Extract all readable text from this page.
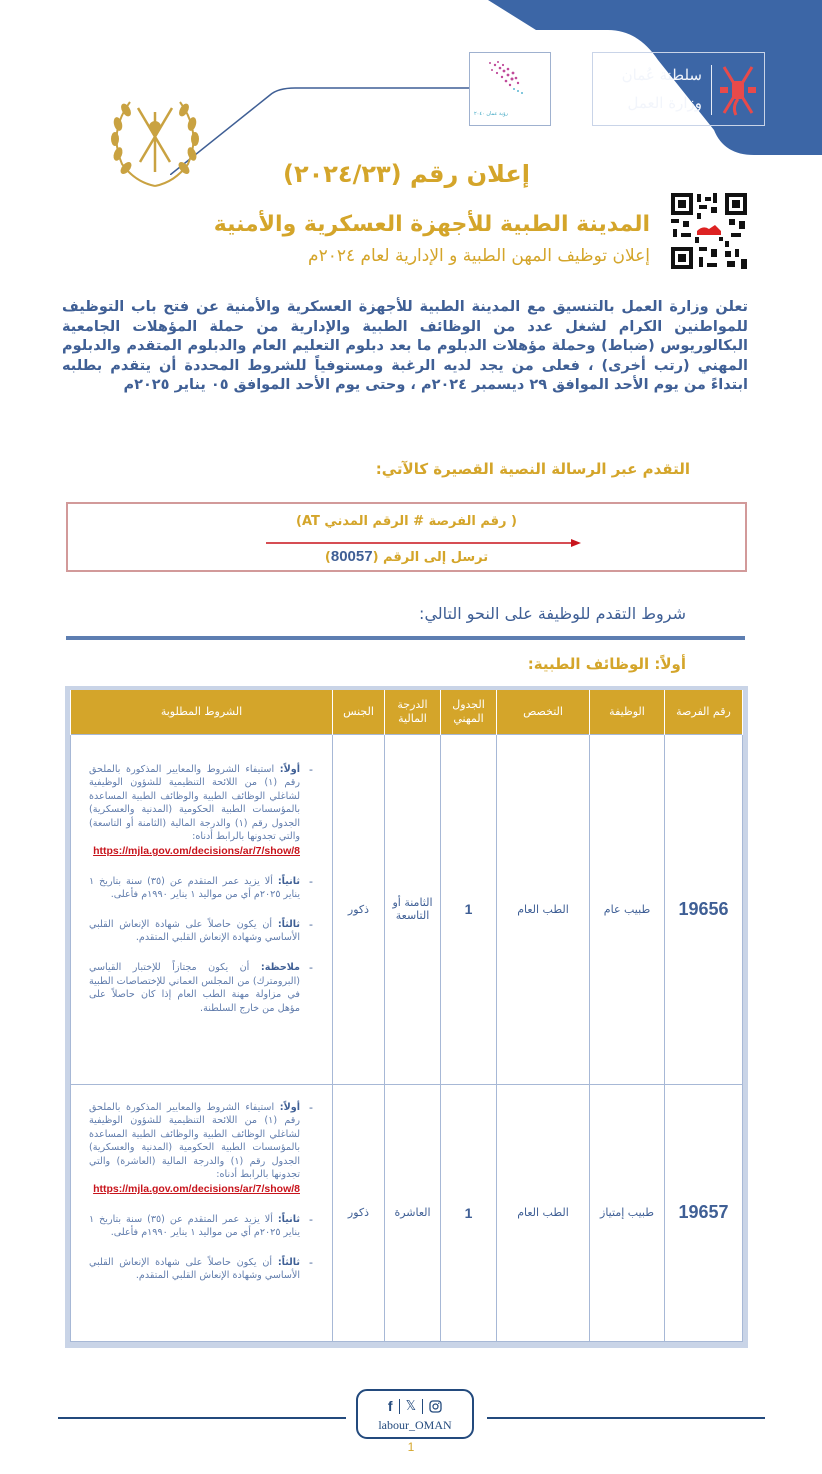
رؤية عمان ٢٠٤٠
سلطنة عُمان
وزارة العمل
إعلان رقم (٢٠٢٤/٢٣)
المدينة الطبية للأجهزة العسكرية والأمنية
إعلان توظيف المهن الطبية و الإدارية لعام ٢٠٢٤م

تعلن وزارة العمل بالتنسيق مع المدينة الطبية للأجهزة العسكرية والأمنية عن فتح باب التوظيف للمواطنين الكرام لشغل عدد من الوظائف الطبية والإدارية من حملة المؤهلات الجامعية البكالوريوس (ضباط) وحملة مؤهلات الدبلوم ما بعد دبلوم التعليم العام والدبلوم المتقدم والدبلوم المهني (رتب أخرى) ، فعلى من يجد لديه الرغبة ومستوفياً للشروط المحددة أن يتقدم بطلبه ابتداءً من يوم الأحد الموافق ٢٩ ديسمبر ٢٠٢٤م ، وحتى يوم الأحد الموافق ٠٥ يناير ٢٠٢٥م

التقدم عبر الرسالة النصية القصيرة كالآتي:
( رقم الفرصة # الرقم المدني AT)
ترسل إلى الرقم (80057)
شروط التقدم للوظيفة على النحو التالي:
أولاً: الوظائف الطبية:
رقم الفرصة	الوظيفة	التخصص	الجدول المهني	الدرجة المالية	الجنس	الشروط المطلوبة
19656	طبيب عام	الطب العام	1	الثامنة أو التاسعة	ذكور	
-
أولاً: استيفاء الشروط والمعايير المذكورة بالملحق رقم (١) من اللائحة التنظيمية للشؤون الوظيفية لشاغلي الوظائف الطبية والوظائف الطبية المساعدة بالمؤسسات الطبية الحكومية (المدنية والعسكرية) الجدول رقم (١) والدرجة المالية (الثامنة أو التاسعة) والتي تجدونها بالرابط أدناه:
https://mjla.gov.om/decisions/ar/7/show/8
-
ثانياً: ألا يزيد عمر المتقدم عن (٣٥) سنة بتاريخ ١ يناير ٢٠٢٥م أي من مواليد ١ يناير ١٩٩٠م فأعلى.
-
ثالثاً: أن يكون حاصلاً على شهادة الإنعاش القلبي الأساسي وشهادة الإنعاش القلبي المتقدم.
-
ملاحظة: أن يكون مجتازاً للإختبار القياسي (البرومترك) من المجلس العماني للإختصاصات الطبية في مزاولة مهنة الطب العام إذا كان حاصلاً على مؤهل من خارج السلطنة.

19657	طبيب إمتياز	الطب العام	1	العاشرة	ذكور	
-
أولاً: استيفاء الشروط والمعايير المذكورة بالملحق رقم (١) من اللائحة التنظيمية للشؤون الوظيفية لشاغلي الوظائف الطبية والوظائف الطبية المساعدة بالمؤسسات الطبية الحكومية (المدنية والعسكرية) الجدول رقم (١) والدرجة المالية (العاشرة) والتي تجدونها بالرابط أدناه:
https://mjla.gov.om/decisions/ar/7/show/8
-
ثانياً: ألا يزيد عمر المتقدم عن (٣٥) سنة بتاريخ ١ يناير ٢٠٢٥م أي من مواليد ١ يناير ١٩٩٠م فأعلى.
-
ثالثاً: أن يكون حاصلاً على شهادة الإنعاش القلبي الأساسي وشهادة الإنعاش القلبي المتقدم.
f 𝕏
labour_OMAN
1
